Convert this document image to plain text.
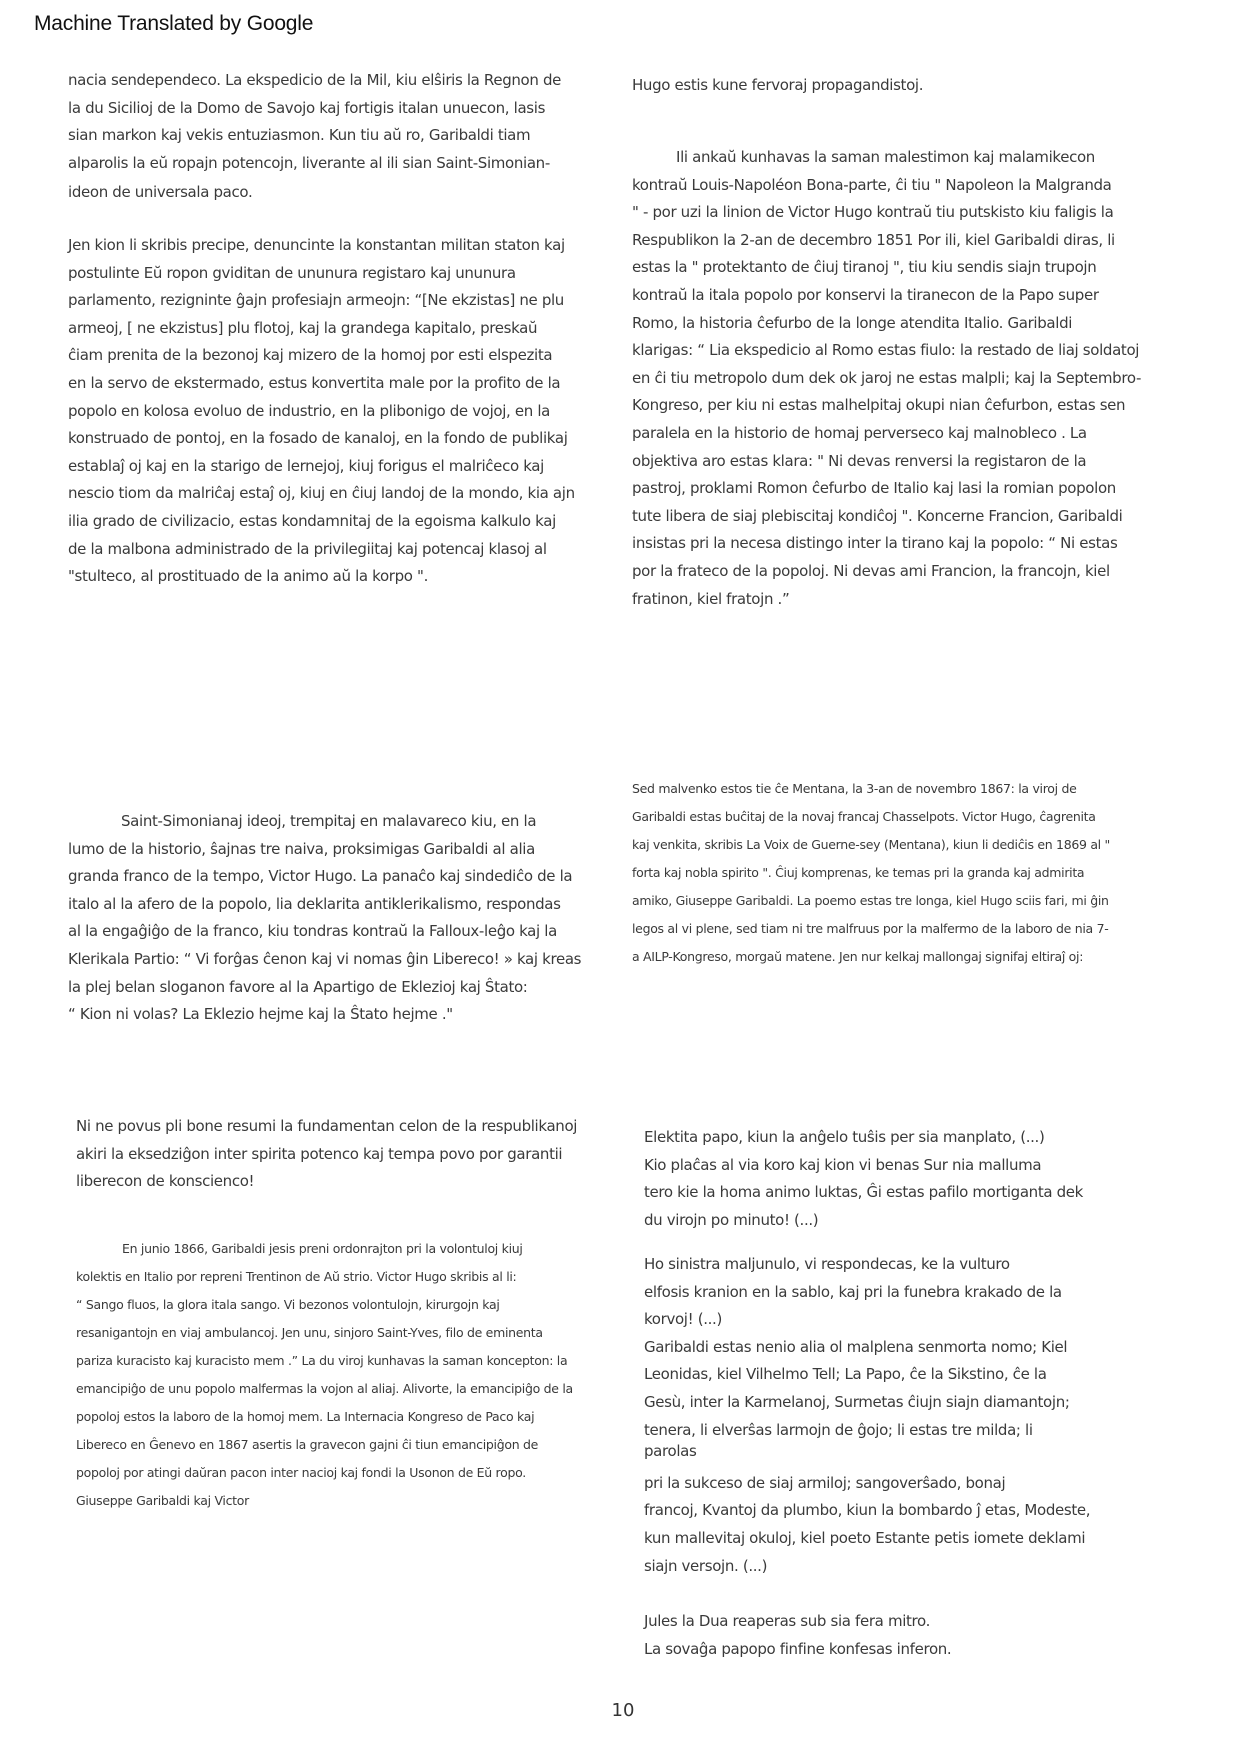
Machine Translated by Google
nacia sendependeco. La ekspedicio de la Mil, kiu elŝiris la Regnon de
la du Sicilioj de la Domo de Savojo kaj fortigis italan unuecon, lasis
sian markon kaj vekis entuziasmon. Kun tiu aŭ ro, Garibaldi tiam
alparolis la eŭ ropajn potencojn, liverante al ili sian Saint-Simonian-
ideon de universala paco.
Jen kion li skribis precipe, denuncinte la konstantan militan staton kaj
postulinte Eŭ ropon gviditan de ununura registaro kaj ununura
parlamento, rezigninte ĝajn profesiajn armeojn: “[Ne ekzistas] ne plu
armeoj, [ ne ekzistus] plu flotoj, kaj la grandega kapitalo, preskaŭ
ĉiam prenita de la bezonoj kaj mizero de la homoj por esti elspezita
en la servo de ekstermado, estus konvertita male por la profito de la
popolo en kolosa evoluo de industrio, en la plibonigo de vojoj, en la
konstruado de pontoj, en la fosado de kanaloj, en la fondo de publikaj
establaĵ oj kaj en la starigo de lernejoj, kiuj forigus el malriĉeco kaj
nescio tiom da malriĉaj estaĵ oj, kiuj en ĉiuj landoj de la mondo, kia ajn
ilia grado de civilizacio, estas kondamnitaj de la egoisma kalkulo kaj
de la malbona administrado de la privilegiitaj kaj potencaj klasoj al
"stulteco, al prostituado de la animo aŭ la korpo ".
Saint-Simonianaj ideoj, trempitaj en malavareco kiu, en la
lumo de la historio, ŝajnas tre naiva, proksimigas Garibaldi al alia
granda franco de la tempo, Victor Hugo. La panaĉo kaj sindediĉo de la
italo al la afero de la popolo, lia deklarita antiklerikalismo, respondas
al la engaĝiĝo de la franco, kiu tondras kontraŭ la Falloux-leĝo kaj la
Klerikala Partio: “ Vi forĝas ĉenon kaj vi nomas ĝin Libereco! » kaj kreas
la plej belan sloganon favore al la Apartigo de Eklezioj kaj Ŝtato:
“ Kion ni volas? La Eklezio hejme kaj la Ŝtato hejme ."
Ni ne povus pli bone resumi la fundamentan celon de la respublikanoj
akiri la eksedziĝon inter spirita potenco kaj tempa povo por garantii
liberecon de konscienco!
En junio 1866, Garibaldi jesis preni ordonrajton pri la volontuloj kiuj
kolektis en Italio por repreni Trentinon de Aŭ strio. Victor Hugo skribis al li:
“ Sango fluos, la glora itala sango. Vi bezonos volontulojn, kirurgojn kaj
resanigantojn en viaj ambulancoj. Jen unu, sinjoro Saint-Yves, filo de eminenta
pariza kuracisto kaj kuracisto mem .” La du viroj kunhavas la saman koncepton: la
emancipiĝo de unu popolo malfermas la vojon al aliaj. Alivorte, la emancipiĝo de la
popoloj estos la laboro de la homoj mem. La Internacia Kongreso de Paco kaj
Libereco en Ĝenevo en 1867 asertis la gravecon gajni ĉi tiun emancipiĝon de
popoloj por atingi daŭran pacon inter nacioj kaj fondi la Usonon de Eŭ ropo.
Giuseppe Garibaldi kaj Victor
Hugo estis kune fervoraj propagandistoj.
Ili ankaŭ kunhavas la saman malestimon kaj malamikecon
kontraŭ Louis-Napoléon Bona-parte, ĉi tiu " Napoleon la Malgranda
" - por uzi la linion de Victor Hugo kontraŭ tiu putskisto kiu faligis la
Respublikon la 2-an de decembro 1851 Por ili, kiel Garibaldi diras, li
estas la " protektanto de ĉiuj tiranoj ", tiu kiu sendis siajn trupojn
kontraŭ la itala popolo por konservi la tiranecon de la Papo super
Romo, la historia ĉefurbo de la longe atendita Italio. Garibaldi
klarigas: “ Lia ekspedicio al Romo estas fiulo: la restado de liaj soldatoj
en ĉi tiu metropolo dum dek ok jaroj ne estas malpli; kaj la Septembro-
Kongreso, per kiu ni estas malhelpitaj okupi nian ĉefurbon, estas sen
paralela en la historio de homaj perverseco kaj malnobleco . La
objektiva aro estas klara: " Ni devas renversi la registaron de la
pastroj, proklami Romon ĉefurbo de Italio kaj lasi la romian popolon
tute libera de siaj plebiscitaj kondiĉoj ". Koncerne Francion, Garibaldi
insistas pri la necesa distingo inter la tirano kaj la popolo: “ Ni estas
por la frateco de la popoloj. Ni devas ami Francion, la francojn, kiel
fratinon, kiel fratojn .”
Sed malvenko estos tie ĉe Mentana, la 3-an de novembro 1867: la viroj de
Garibaldi estas buĉitaj de la novaj francaj Chasselpots. Victor Hugo, ĉagrenita
kaj venkita, skribis La Voix de Guerne-sey (Mentana), kiun li dediĉis en 1869 al "
forta kaj nobla spirito ". Ĉiuj komprenas, ke temas pri la granda kaj admirita
amiko, Giuseppe Garibaldi. La poemo estas tre longa, kiel Hugo sciis fari, mi ĝin
legos al vi plene, sed tiam ni tre malfruus por la malfermo de la laboro de nia 7-
a AILP-Kongreso, morgaŭ matene. Jen nur kelkaj mallongaj signifaj eltiraĵ oj:
Elektita papo, kiun la anĝelo tuŝis per sia manplato, (...)
Kio plaĉas al via koro kaj kion vi benas Sur nia malluma
tero kie la homa animo luktas, Ĝi estas pafilo mortiganta dek
du virojn po minuto! (...)
Ho sinistra maljunulo, vi respondecas, ke la vulturo
elfosis kranion en la sablo, kaj pri la funebra krakado de la
korvoj! (...)
Garibaldi estas nenio alia ol malplena senmorta nomo; Kiel
Leonidas, kiel Vilhelmo Tell; La Papo, ĉe la Sikstino, ĉe la
Gesù, inter la Karmelanoj, Surmetas ĉiujn siajn diamantojn;
tenera, li elverŝas larmojn de ĝojo; li estas tre milda; li
parolas
pri la sukceso de siaj armiloj; sangoverŝado, bonaj
francoj, Kvantoj da plumbo, kiun la bombardo ĵ etas, Modeste,
kun mallevitaj okuloj, kiel poeto Estante petis iomete deklami
siajn versojn. (...)
Jules la Dua reaperas sub sia fera mitro.
La sovaĝa papopo finfine konfesas inferon.
10
